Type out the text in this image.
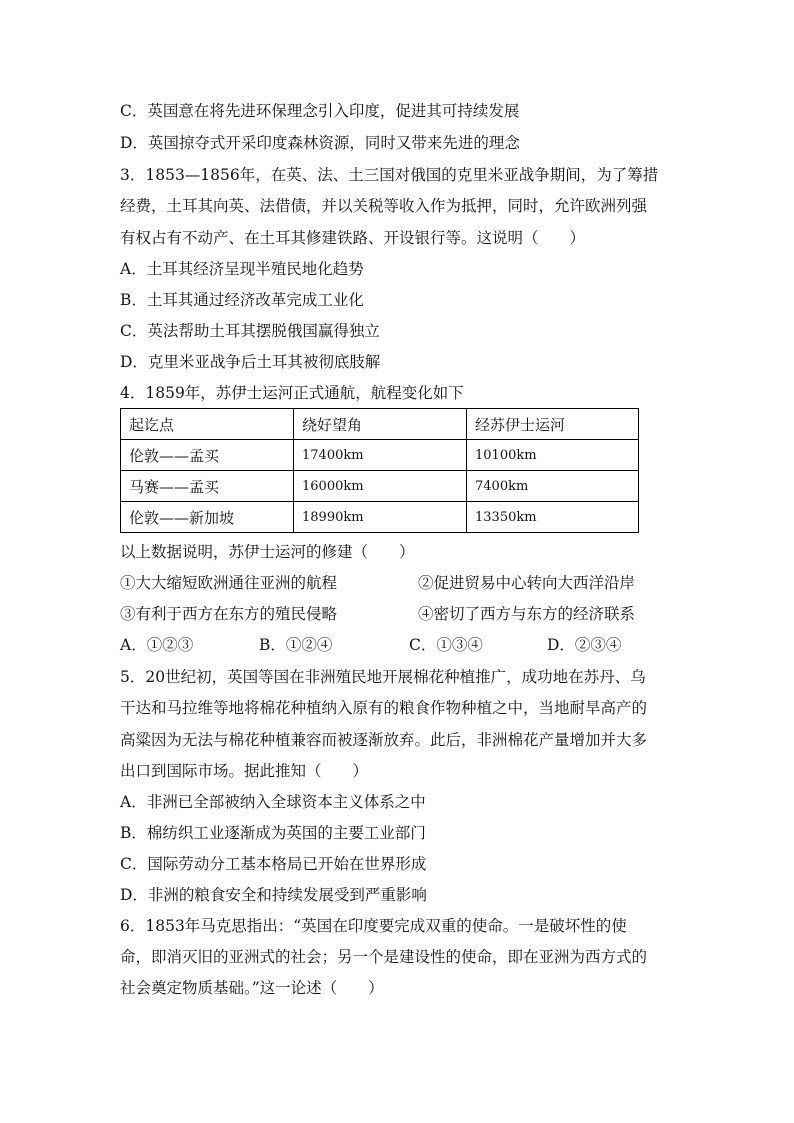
C．英国意在将先进环保理念引入印度，促进其可持续发展
D．英国掠夺式开采印度森林资源，同时又带来先进的理念
3．1853—1856年，在英、法、土三国对俄国的克里米亚战争期间，为了筹措
经费，土耳其向英、法借债，并以关税等收入作为抵押，同时，允许欧洲列强
有权占有不动产、在土耳其修建铁路、开设银行等。这说明（　　）
A．土耳其经济呈现半殖民地化趋势
B．土耳其通过经济改革完成工业化
C．英法帮助土耳其摆脱俄国赢得独立
D．克里米亚战争后土耳其被彻底肢解
4．1859年，苏伊士运河正式通航，航程变化如下
起讫点	绕好望角	经苏伊士运河
伦敦——孟买	17400km	10100km
马赛——孟买	16000km	7400km
伦敦——新加坡	18990km	13350km
以上数据说明，苏伊士运河的修建（　　）
①大大缩短欧洲通往亚洲的航程	②促进贸易中心转向大西洋沿岸
③有利于西方在东方的殖民侵略	④密切了西方与东方的经济联系
A．①②③	B．①②④	C．①③④	D．②③④
5．20世纪初，英国等国在非洲殖民地开展棉花种植推广，成功地在苏丹、乌
干达和马拉维等地将棉花种植纳入原有的粮食作物种植之中，当地耐旱高产的
高粱因为无法与棉花种植兼容而被逐渐放弃。此后，非洲棉花产量增加并大多
出口到国际市场。据此推知（　　）
A．非洲已全部被纳入全球资本主义体系之中
B．棉纺织工业逐渐成为英国的主要工业部门
C．国际劳动分工基本格局已开始在世界形成
D．非洲的粮食安全和持续发展受到严重影响
6．1853年马克思指出：“英国在印度要完成双重的使命。一是破坏性的使
命，即消灭旧的亚洲式的社会；另一个是建设性的使命，即在亚洲为西方式的
社会奠定物质基础。”这一论述（　　）
